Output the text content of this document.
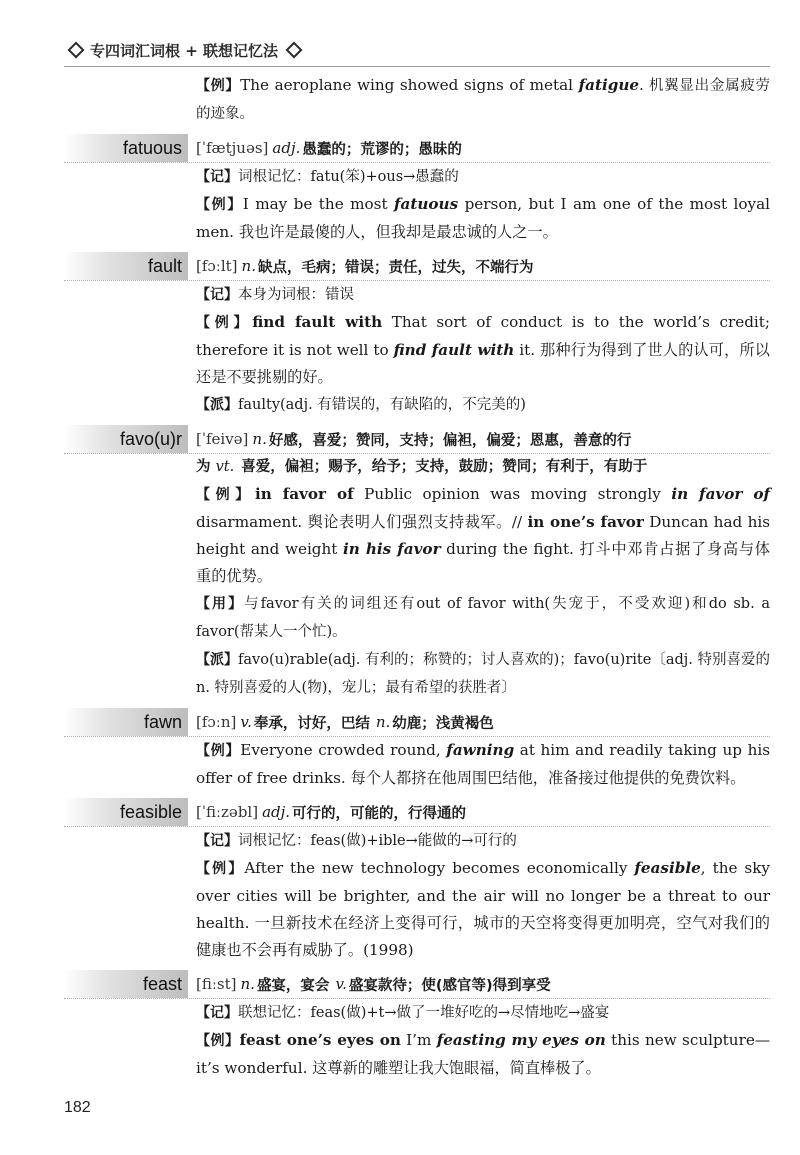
专四词汇词根 + 联想记忆法

【例】The aeroplane wing showed signs of metal fatigue. 机翼显出金属疲劳的迹象。

fatuous [ˈfætjuəs] adj. 愚蠢的；荒谬的；愚昧的

【记】词根记忆：fatu(笨)+ous→愚蠢的

【例】I may be the most fatuous person, but I am one of the most loyal men. 我也许是最傻的人，但我却是最忠诚的人之一。

fault [fɔːlt] n. 缺点，毛病；错误；责任，过失，不端行为

【记】本身为词根：错误

【例】find fault with That sort of conduct is to the world’s credit; therefore it is not well to find fault with it. 那种行为得到了世人的认可，所以还是不要挑剔的好。

【派】faulty(adj. 有错误的，有缺陷的，不完美的)

favo(u)r [ˈfeivə] n. 好感，喜爱；赞同，支持；偏袒，偏爱；恩惠，善意的行
为 vt. 喜爱，偏袒；赐予，给予；支持，鼓励；赞同；有利于，有助于

【例】in favor of Public opinion was moving strongly in favor of disarmament. 舆论表明人们强烈支持裁军。// in one’s favor Duncan had his height and weight in his favor during the fight. 打斗中邓肯占据了身高与体重的优势。

【用】与favor有关的词组还有out of favor with(失宠于，不受欢迎)和do sb. a favor(帮某人一个忙)。

【派】favo(u)rable(adj. 有利的；称赞的；讨人喜欢的)；favo(u)rite〔adj. 特别喜爱的 n. 特别喜爱的人(物)，宠儿；最有希望的获胜者〕

fawn [fɔːn] v. 奉承，讨好，巴结 n. 幼鹿；浅黄褐色

【例】Everyone crowded round, fawning at him and readily taking up his offer of free drinks. 每个人都挤在他周围巴结他，准备接过他提供的免费饮料。

feasible [ˈfiːzəbl] adj. 可行的，可能的，行得通的

【记】词根记忆：feas(做)+ible→能做的→可行的

【例】After the new technology becomes economically feasible, the sky over cities will be brighter, and the air will no longer be a threat to our health. 一旦新技术在经济上变得可行，城市的天空将变得更加明亮，空气对我们的健康也不会再有威胁了。(1998)

feast [fiːst] n. 盛宴，宴会 v. 盛宴款待；使(感官等)得到享受

【记】联想记忆：feas(做)+t→做了一堆好吃的→尽情地吃→盛宴

【例】feast one’s eyes on I’m feasting my eyes on this new sculpture—it’s wonderful. 这尊新的雕塑让我大饱眼福，简直棒极了。

182
